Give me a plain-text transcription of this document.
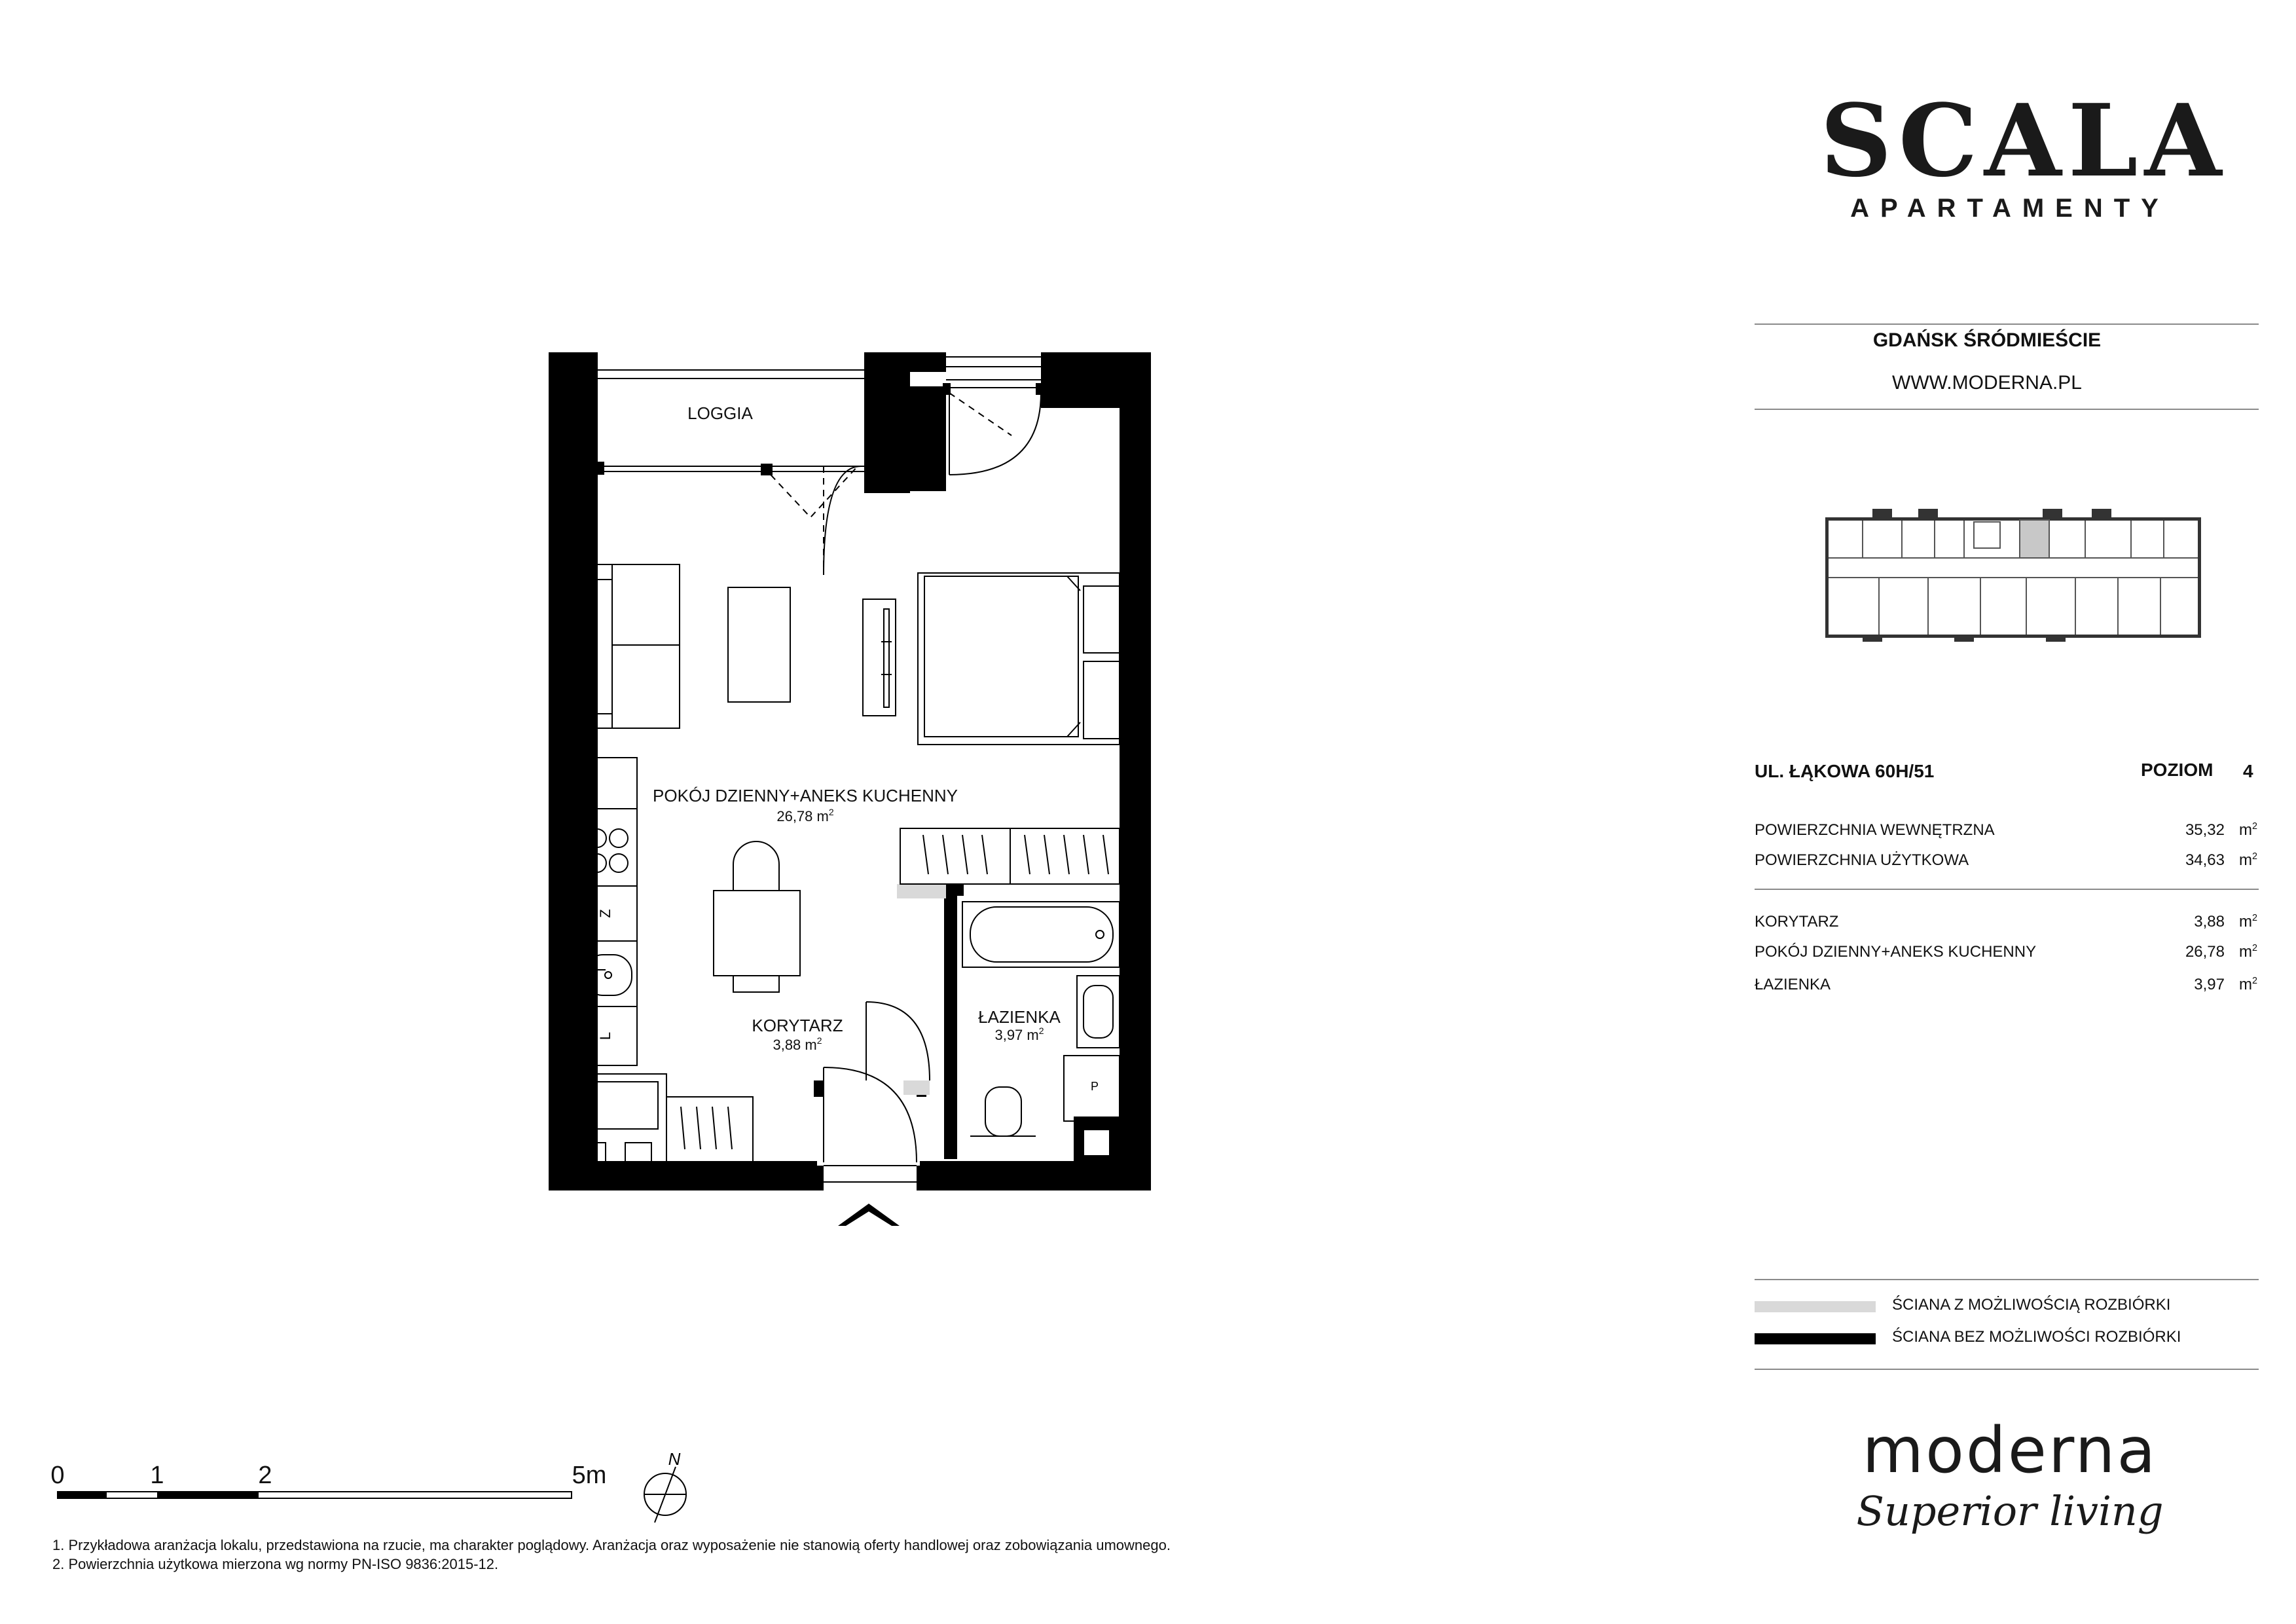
SCALA
APARTAMENTY
GDAŃSK ŚRÓDMIEŚCIE
WWW.MODERNA.PL
UL. ŁĄKOWA 60H/51	POZIOM 4
POWIERZCHNIA WEWNĘTRZNA	35,32 $m^2$
POWIERZCHNIA UŻYTKOWA	34,63 $m^2$
KORYTARZ	3,88 $m^2$
POKÓJ DZIENNY+ANEKS KUCHENNY	26,78 $m^2$
ŁAZIENKA	3,97 $m^2$
ŚCIANA Z MOŻLIWOŚCIĄ ROZBIÓRKI
ŚCIANA BEZ MOŻLIWOŚCI ROZBIÓRKI
moderna
Superior living
Z
L
P
LOGGIA
POKÓJ DZIENNY+ANEKS KUCHENNY
26,78 $m^2$
KORYTARZ
3,88 $m^2$
ŁAZIENKA
3,97 $m^2$
0	1	2	5m
N
1. Przykładowa aranżacja lokalu, przedstawiona na rzucie, ma charakter poglądowy. Aranżacja oraz wyposażenie nie stanowią oferty handlowej oraz zobowiązania umownego.
2. Powierzchnia użytkowa mierzona wg normy PN-ISO 9836:2015-12.
